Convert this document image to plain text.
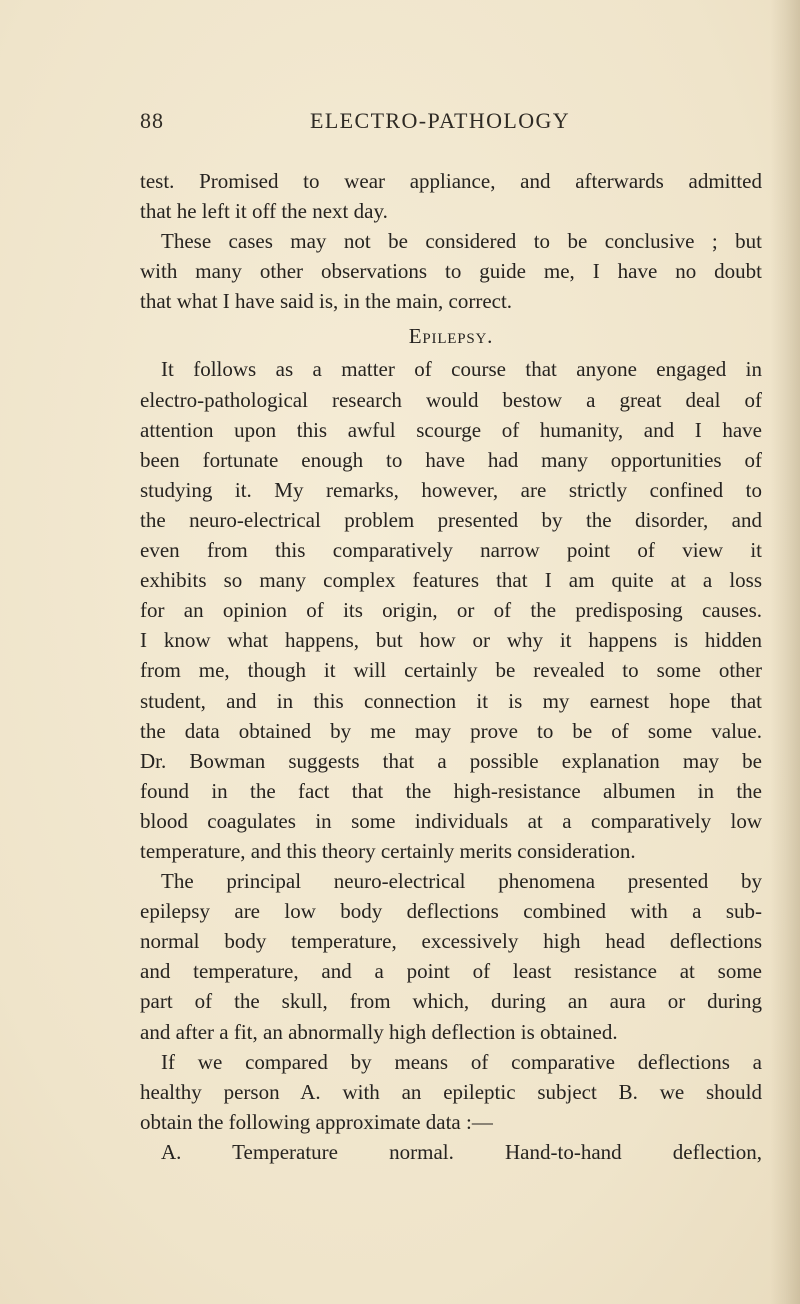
88	ELECTRO-PATHOLOGY
test. Promised to wear appliance, and afterwards admitted
that he left it off the next day.
These cases may not be considered to be conclusive ; but
with many other observations to guide me, I have no doubt
that what I have said is, in the main, correct.
Epilepsy.
It follows as a matter of course that anyone engaged in
electro-pathological research would bestow a great deal of
attention upon this awful scourge of humanity, and I have
been fortunate enough to have had many opportunities of
studying it. My remarks, however, are strictly confined to
the neuro-electrical problem presented by the disorder, and
even from this comparatively narrow point of view it
exhibits so many complex features that I am quite at a loss
for an opinion of its origin, or of the predisposing causes.
I know what happens, but how or why it happens is hidden
from me, though it will certainly be revealed to some other
student, and in this connection it is my earnest hope that
the data obtained by me may prove to be of some value.
Dr. Bowman suggests that a possible explanation may be
found in the fact that the high-resistance albumen in the
blood coagulates in some individuals at a comparatively low
temperature, and this theory certainly merits consideration.
The principal neuro-electrical phenomena presented by
epilepsy are low body deflections combined with a sub-
normal body temperature, excessively high head deflections
and temperature, and a point of least resistance at some
part of the skull, from which, during an aura or during
and after a fit, an abnormally high deflection is obtained.
If we compared by means of comparative deflections a
healthy person A. with an epileptic subject B. we should
obtain the following approximate data :—
A. Temperature normal. Hand-to-hand deflection,
